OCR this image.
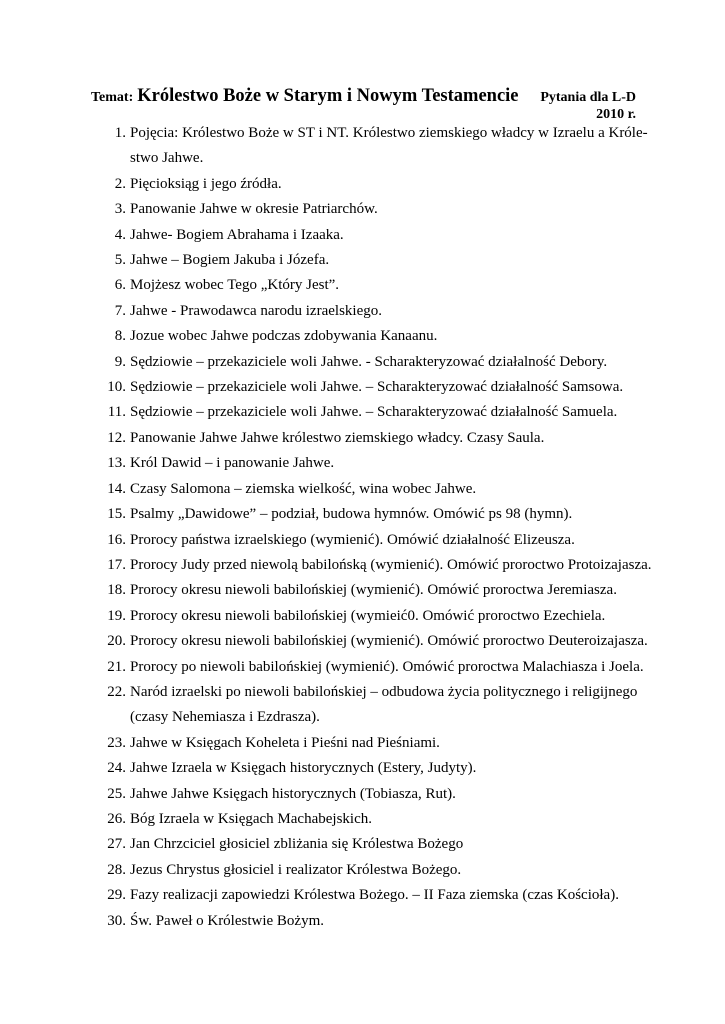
Temat: Królestwo Boże w Starym i Nowym Testamencie Pytania dla L-D
2010 r.
1. Pojęcia: Królestwo Boże w ST i NT. Królestwo ziemskiego władcy w Izraelu a Króle-
stwo Jahwe.
2. Pięcioksiąg i jego źródła.
3. Panowanie Jahwe w okresie Patriarchów.
4. Jahwe- Bogiem Abrahama i Izaaka.
5. Jahwe – Bogiem Jakuba i Józefa.
6. Mojżesz wobec Tego „Który Jest”.
7. Jahwe - Prawodawca narodu izraelskiego.
8. Jozue wobec Jahwe podczas zdobywania Kanaanu.
9. Sędziowie – przekaziciele woli Jahwe. - Scharakteryzować działalność Debory.
10. Sędziowie – przekaziciele woli Jahwe. – Scharakteryzować działalność Samsowa.
11. Sędziowie – przekaziciele woli Jahwe. – Scharakteryzować działalność Samuela.
12. Panowanie Jahwe Jahwe królestwo ziemskiego władcy. Czasy Saula.
13. Król Dawid – i panowanie Jahwe.
14. Czasy Salomona – ziemska wielkość, wina wobec Jahwe.
15. Psalmy „Dawidowe” – podział, budowa hymnów. Omówić ps 98 (hymn).
16. Prorocy państwa izraelskiego (wymienić). Omówić działalność Elizeusza.
17. Prorocy Judy przed niewolą babilońską (wymienić). Omówić proroctwo Protoizajasza.
18. Prorocy okresu niewoli babilońskiej (wymienić). Omówić proroctwa Jeremiasza.
19. Prorocy okresu niewoli babilońskiej (wymieić0. Omówić proroctwo Ezechiela.
20. Prorocy okresu niewoli babilońskiej (wymienić). Omówić proroctwo Deuteroizajasza.
21. Prorocy po niewoli babilońskiej (wymienić). Omówić proroctwa Malachiasza i Joela.
22. Naród izraelski po niewoli babilońskiej – odbudowa życia politycznego i religijnego
(czasy Nehemiasza i Ezdrasza).
23. Jahwe w Księgach Koheleta i Pieśni nad Pieśniami.
24. Jahwe Izraela w Księgach historycznych (Estery, Judyty).
25. Jahwe Jahwe Księgach historycznych (Tobiasza, Rut).
26. Bóg Izraela w Księgach Machabejskich.
27. Jan Chrzciciel głosiciel zbliżania się Królestwa Bożego
28. Jezus Chrystus głosiciel i realizator Królestwa Bożego.
29. Fazy realizacji zapowiedzi Królestwa Bożego. – II Faza ziemska (czas Kościoła).
30. Św. Paweł o Królestwie Bożym.
